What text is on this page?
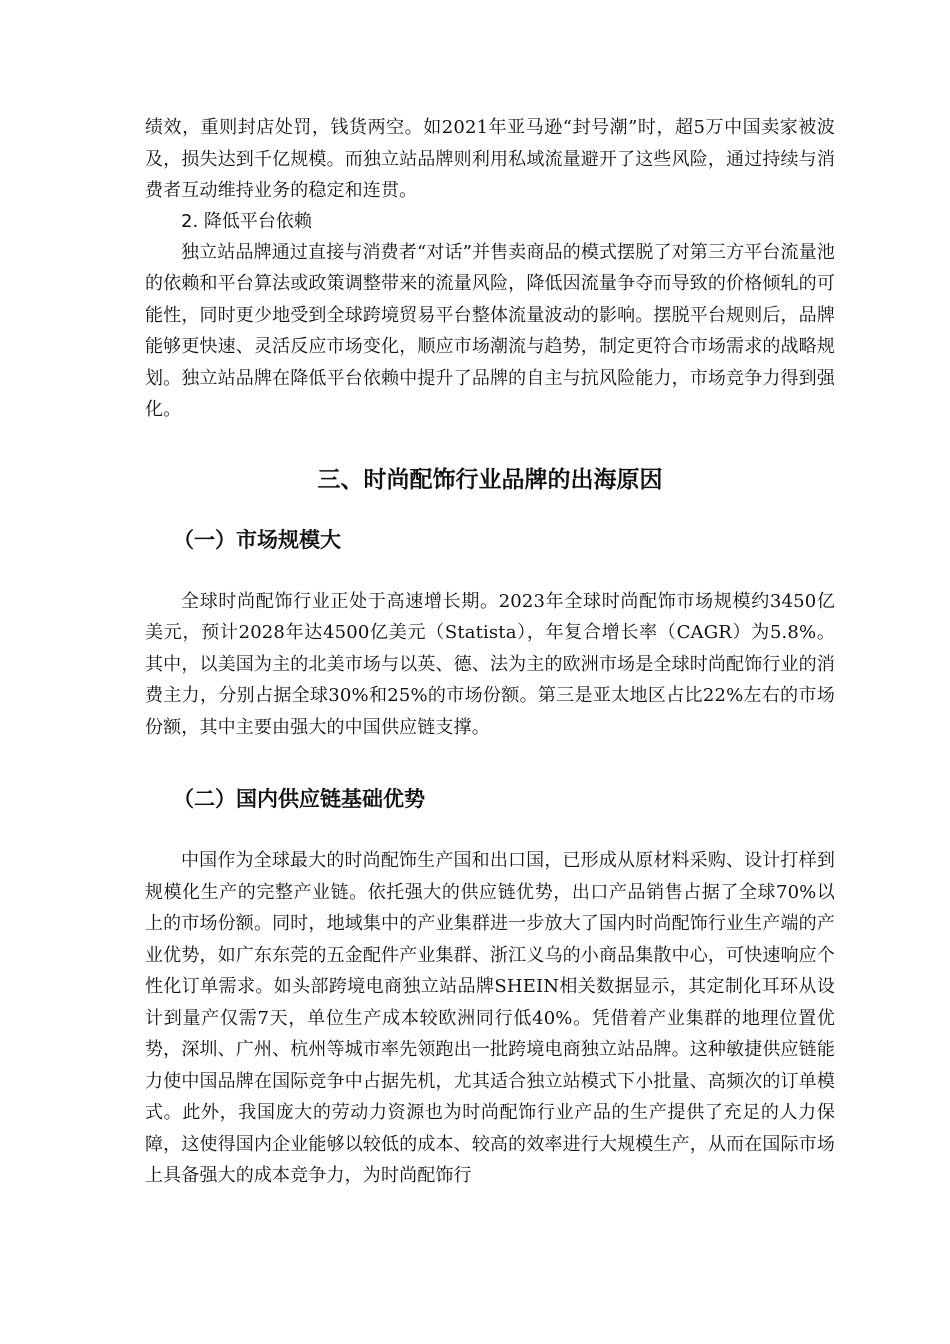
绩效，重则封店处罚，钱货两空。如2021年亚马逊“封号潮”时，超5万中国卖家被波及，损失达到千亿规模。而独立站品牌则利用私域流量避开了这些风险，通过持续与消费者互动维持业务的稳定和连贯。

2. 降低平台依赖

独立站品牌通过直接与消费者“对话”并售卖商品的模式摆脱了对第三方平台流量池的依赖和平台算法或政策调整带来的流量风险，降低因流量争夺而导致的价格倾轧的可能性，同时更少地受到全球跨境贸易平台整体流量波动的影响。摆脱平台规则后，品牌能够更快速、灵活反应市场变化，顺应市场潮流与趋势，制定更符合市场需求的战略规划。独立站品牌在降低平台依赖中提升了品牌的自主与抗风险能力，市场竞争力得到强化。

三、时尚配饰行业品牌的出海原因
（一）市场规模大

全球时尚配饰行业正处于高速增长期。2023年全球时尚配饰市场规模约3450亿美元，预计2028年达4500亿美元（Statista），年复合增长率（CAGR）为5.8%。其中，以美国为主的北美市场与以英、德、法为主的欧洲市场是全球时尚配饰行业的消费主力，分别占据全球30%和25%的市场份额。第三是亚太地区占比22%左右的市场份额，其中主要由强大的中国供应链支撑。

（二）国内供应链基础优势

中国作为全球最大的时尚配饰生产国和出口国，已形成从原材料采购、设计打样到规模化生产的完整产业链。依托强大的供应链优势，出口产品销售占据了全球70%以上的市场份额。同时，地域集中的产业集群进一步放大了国内时尚配饰行业生产端的产业优势，如广东东莞的五金配件产业集群、浙江义乌的小商品集散中心，可快速响应个性化订单需求。如头部跨境电商独立站品牌SHEIN相关数据显示，其定制化耳环从设计到量产仅需7天，单位生产成本较欧洲同行低40%。凭借着产业集群的地理位置优势，深圳、广州、杭州等城市率先领跑出一批跨境电商独立站品牌。这种敏捷供应链能力使中国品牌在国际竞争中占据先机，尤其适合独立站模式下小批量、高频次的订单模式。此外，我国庞大的劳动力资源也为时尚配饰行业产品的生产提供了充足的人力保障，这使得国内企业能够以较低的成本、较高的效率进行大规模生产，从而在国际市场上具备强大的成本竞争力，为时尚配饰行
